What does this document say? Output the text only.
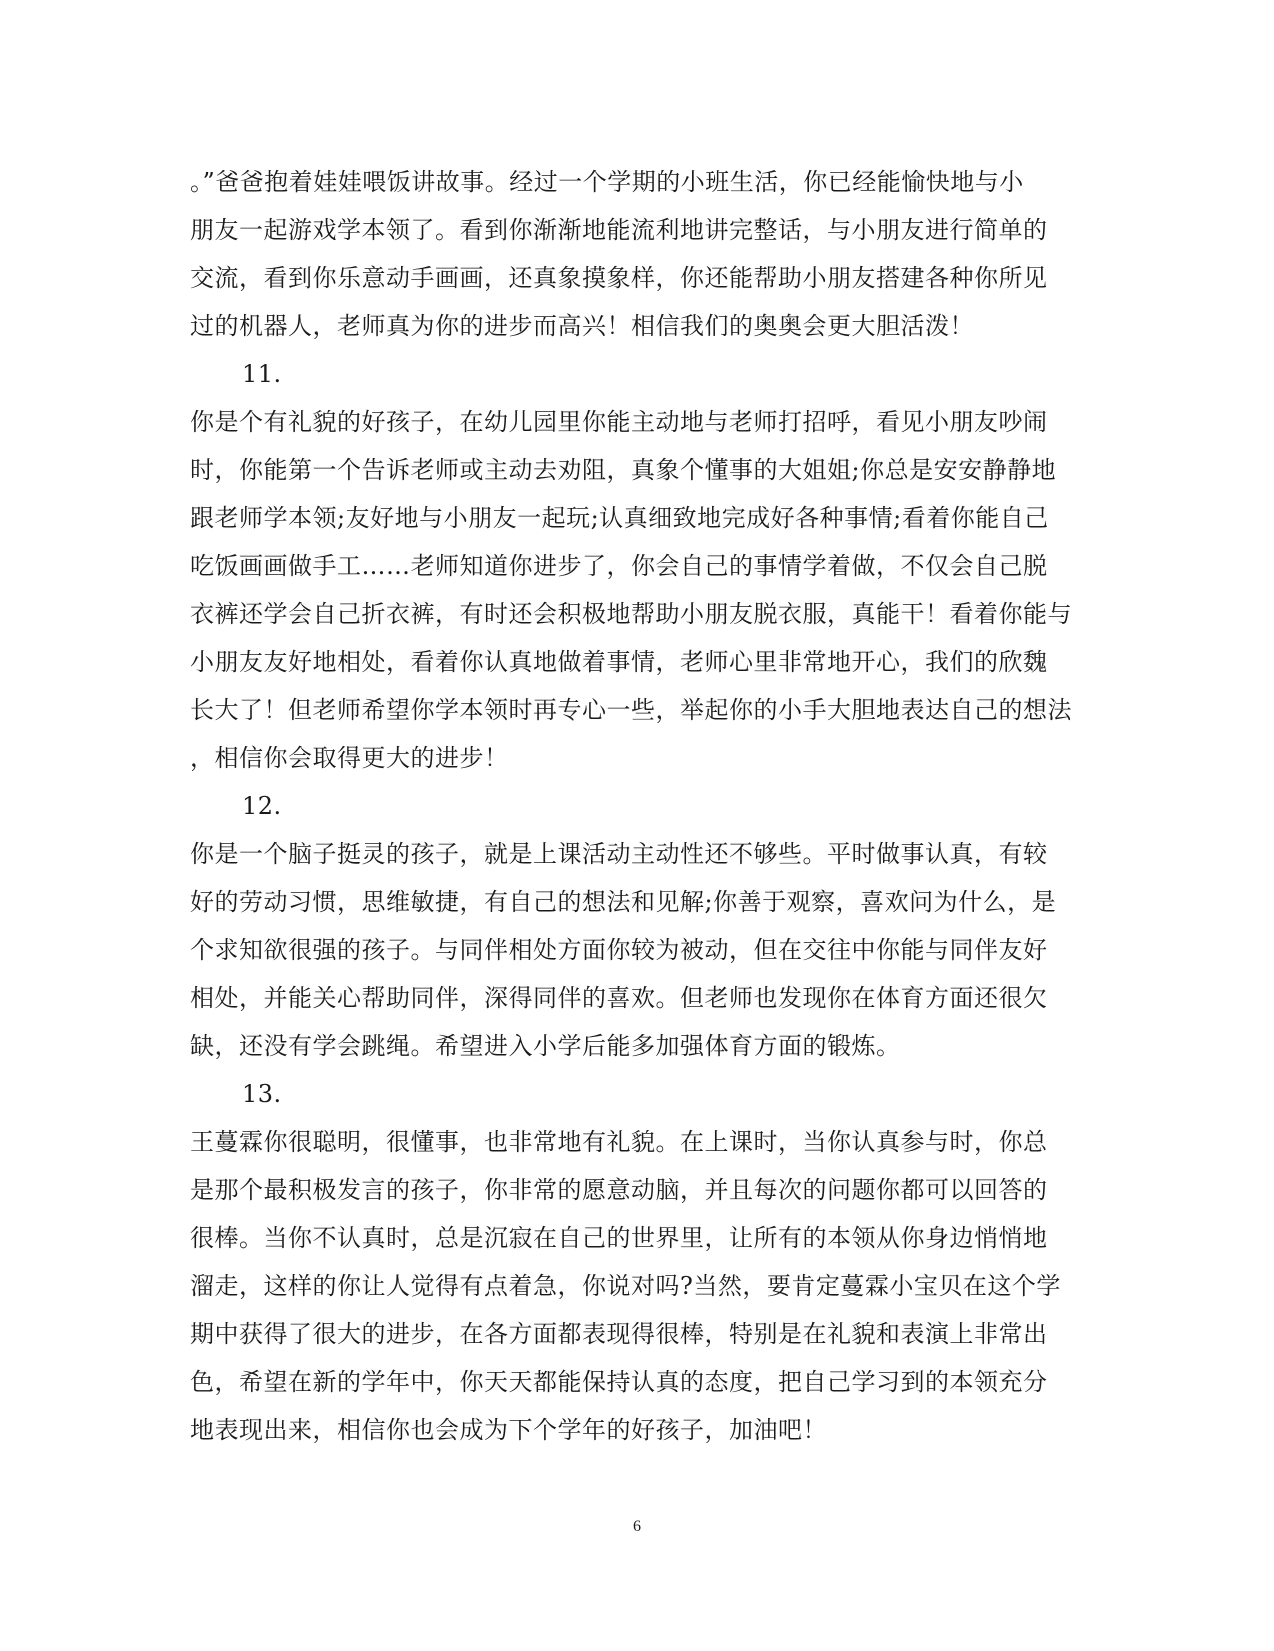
。”爸爸抱着娃娃喂饭讲故事。经过一个学期的小班生活，你已经能愉快地与小
朋友一起游戏学本领了。看到你渐渐地能流利地讲完整话，与小朋友进行简单的
交流，看到你乐意动手画画，还真象摸象样，你还能帮助小朋友搭建各种你所见
过的机器人，老师真为你的进步而高兴！相信我们的奥奥会更大胆活泼！
11.
你是个有礼貌的好孩子，在幼儿园里你能主动地与老师打招呼，看见小朋友吵闹
时，你能第一个告诉老师或主动去劝阻，真象个懂事的大姐姐;你总是安安静静地
跟老师学本领;友好地与小朋友一起玩;认真细致地完成好各种事情;看着你能自己
吃饭画画做手工……老师知道你进步了，你会自己的事情学着做，不仅会自己脱
衣裤还学会自己折衣裤，有时还会积极地帮助小朋友脱衣服，真能干！看着你能与
小朋友友好地相处，看着你认真地做着事情，老师心里非常地开心，我们的欣魏
长大了！但老师希望你学本领时再专心一些，举起你的小手大胆地表达自己的想法
，相信你会取得更大的进步！
12.
你是一个脑子挺灵的孩子，就是上课活动主动性还不够些。平时做事认真，有较
好的劳动习惯，思维敏捷，有自己的想法和见解;你善于观察，喜欢问为什么，是
个求知欲很强的孩子。与同伴相处方面你较为被动，但在交往中你能与同伴友好
相处，并能关心帮助同伴，深得同伴的喜欢。但老师也发现你在体育方面还很欠
缺，还没有学会跳绳。希望进入小学后能多加强体育方面的锻炼。
13.
王蔓霖你很聪明，很懂事，也非常地有礼貌。在上课时，当你认真参与时，你总
是那个最积极发言的孩子，你非常的愿意动脑，并且每次的问题你都可以回答的
很棒。当你不认真时，总是沉寂在自己的世界里，让所有的本领从你身边悄悄地
溜走，这样的你让人觉得有点着急，你说对吗?当然，要肯定蔓霖小宝贝在这个学
期中获得了很大的进步，在各方面都表现得很棒，特别是在礼貌和表演上非常出
色，希望在新的学年中，你天天都能保持认真的态度，把自己学习到的本领充分
地表现出来，相信你也会成为下个学年的好孩子，加油吧！
6
